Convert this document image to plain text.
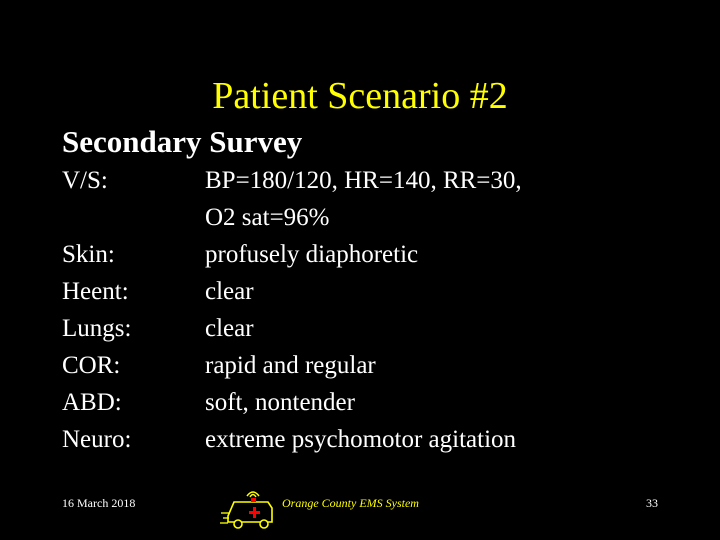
Patient Scenario #2
Secondary Survey
V/S:	BP=180/120, HR=140, RR=30,
O2 sat=96%
Skin:	profusely diaphoretic
Heent:	clear
Lungs:	clear
COR:	rapid and regular
ABD:	soft, nontender
Neuro:	extreme psychomotor agitation
16 March 2018	Orange County EMS System	33
